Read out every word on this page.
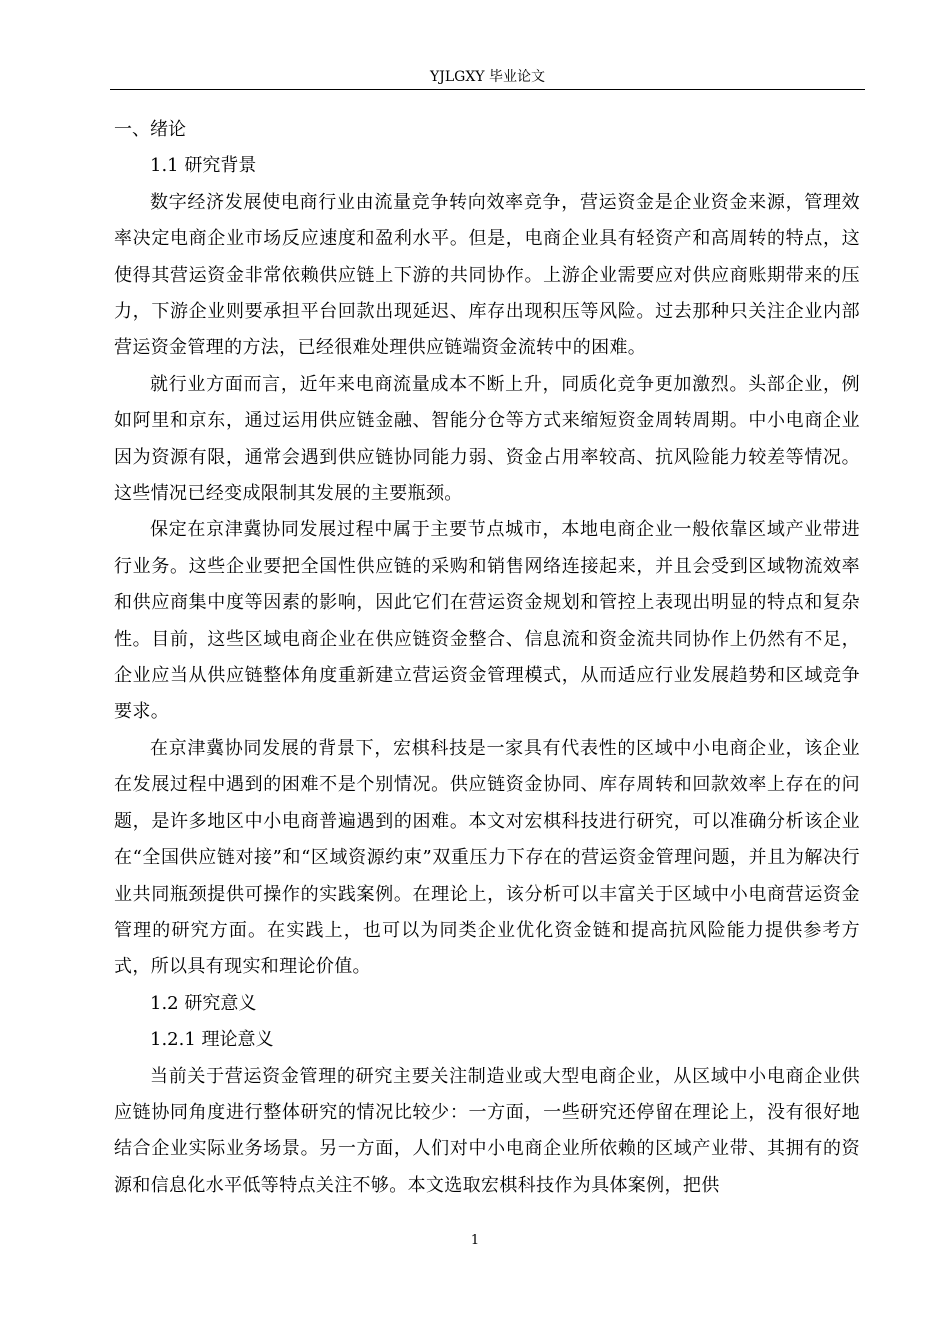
YJLGXY 毕业论文
一、绪论
1.1 研究背景
数字经济发展使电商行业由流量竞争转向效率竞争，营运资金是企业资金来源，管理效率决定电商企业市场反应速度和盈利水平。但是，电商企业具有轻资产和高周转的特点，这使得其营运资金非常依赖供应链上下游的共同协作。上游企业需要应对供应商账期带来的压力，下游企业则要承担平台回款出现延迟、库存出现积压等风险。过去那种只关注企业内部营运资金管理的方法，已经很难处理供应链端资金流转中的困难。
就行业方面而言，近年来电商流量成本不断上升，同质化竞争更加激烈。头部企业，例如阿里和京东，通过运用供应链金融、智能分仓等方式来缩短资金周转周期。中小电商企业因为资源有限，通常会遇到供应链协同能力弱、资金占用率较高、抗风险能力较差等情况。这些情况已经变成限制其发展的主要瓶颈。
保定在京津冀协同发展过程中属于主要节点城市，本地电商企业一般依靠区域产业带进行业务。这些企业要把全国性供应链的采购和销售网络连接起来，并且会受到区域物流效率和供应商集中度等因素的影响，因此它们在营运资金规划和管控上表现出明显的特点和复杂性。目前，这些区域电商企业在供应链资金整合、信息流和资金流共同协作上仍然有不足，企业应当从供应链整体角度重新建立营运资金管理模式，从而适应行业发展趋势和区域竞争要求。
在京津冀协同发展的背景下，宏棋科技是一家具有代表性的区域中小电商企业，该企业在发展过程中遇到的困难不是个别情况。供应链资金协同、库存周转和回款效率上存在的问题，是许多地区中小电商普遍遇到的困难。本文对宏棋科技进行研究，可以准确分析该企业在“全国供应链对接”和“区域资源约束”双重压力下存在的营运资金管理问题，并且为解决行业共同瓶颈提供可操作的实践案例。在理论上，该分析可以丰富关于区域中小电商营运资金管理的研究方面。在实践上，也可以为同类企业优化资金链和提高抗风险能力提供参考方式，所以具有现实和理论价值。
1.2 研究意义
1.2.1 理论意义
当前关于营运资金管理的研究主要关注制造业或大型电商企业，从区域中小电商企业供应链协同角度进行整体研究的情况比较少：一方面，一些研究还停留在理论上，没有很好地结合企业实际业务场景。另一方面，人们对中小电商企业所依赖的区域产业带、其拥有的资源和信息化水平低等特点关注不够。本文选取宏棋科技作为具体案例，把供
1
